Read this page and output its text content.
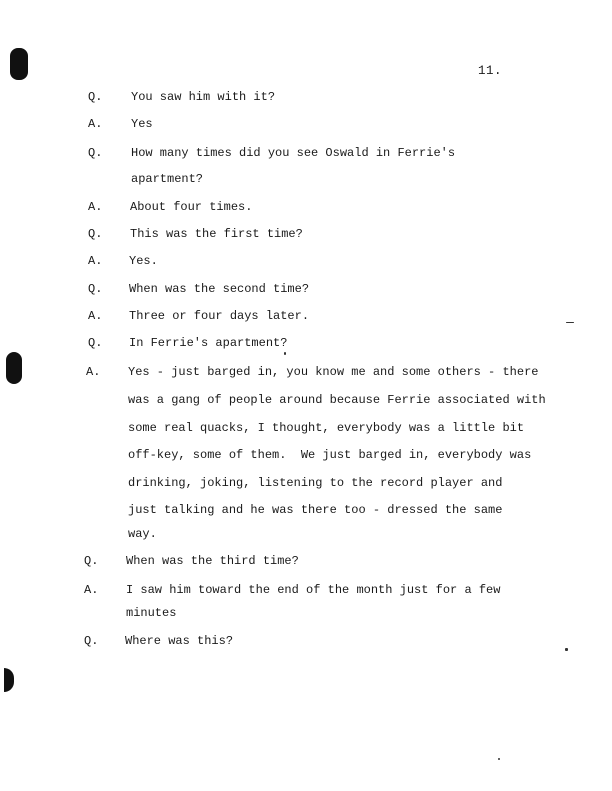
11.
Q. You saw him with it?
A. Yes
Q. How many times did you see Oswald in Ferrie's
apartment?
A. About four times.
Q. This was the first time?
A. Yes.
Q. When was the second time?
A. Three or four days later.
Q. In Ferrie's apartment?
A. Yes - just barged in, you know me and some others - there
was a gang of people around because Ferrie associated with
some real quacks, I thought, everybody was a little bit
off-key, some of them.  We just barged in, everybody was
drinking, joking, listening to the record player and
just talking and he was there too - dressed the same
way.
Q. When was the third time?
A. I saw him toward the end of the month just for a few
minutes
Q. Where was this?
